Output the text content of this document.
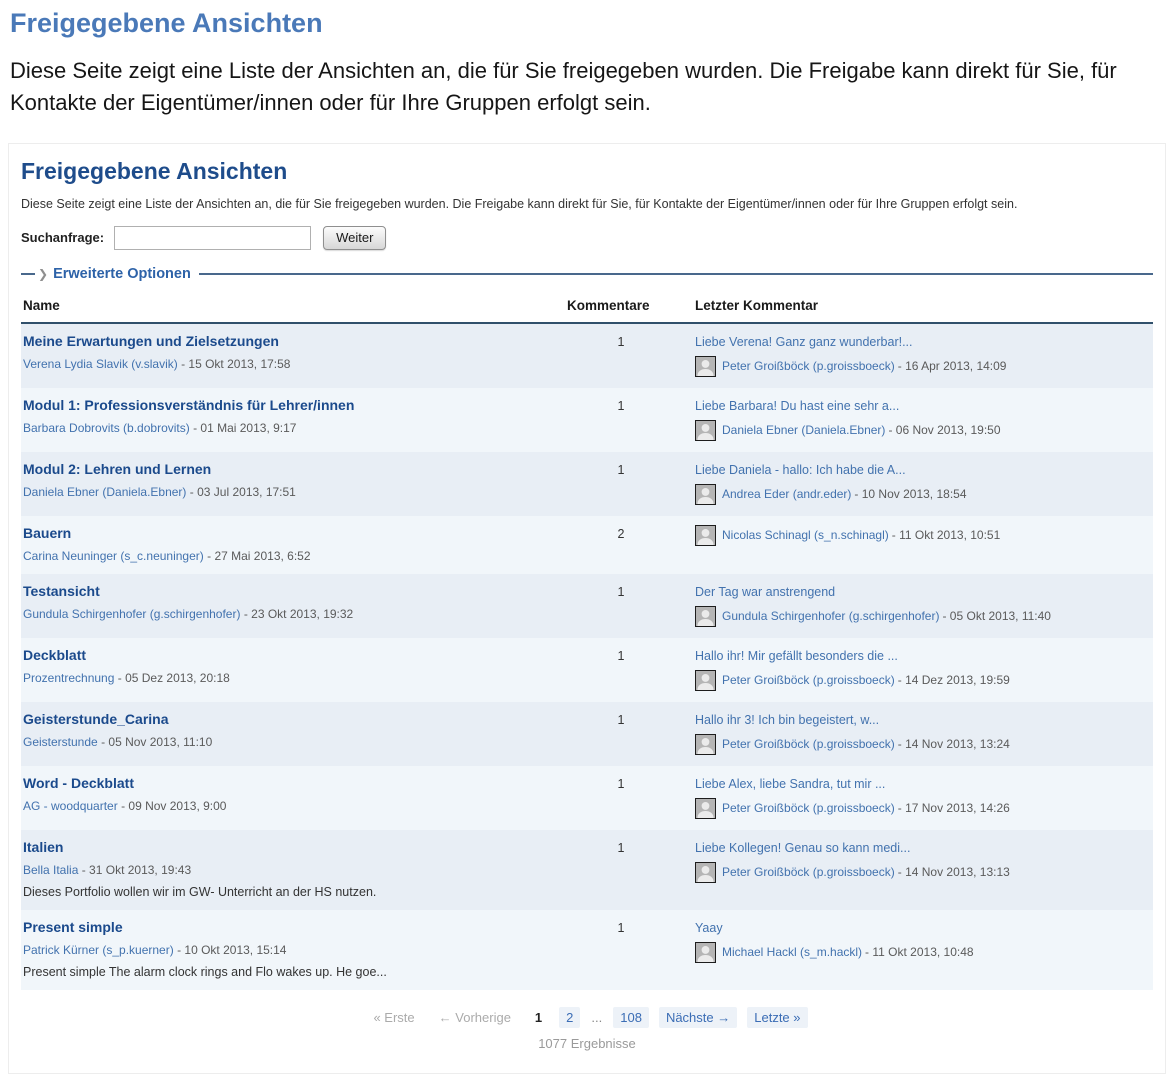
Freigegebene Ansichten

Diese Seite zeigt eine Liste der Ansichten an, die für Sie freigegeben wurden. Die Freigabe kann direkt für Sie, für Kontakte der Eigentümer/innen oder für Ihre Gruppen erfolgt sein.

Freigegebene Ansichten

Diese Seite zeigt eine Liste der Ansichten an, die für Sie freigegeben wurden. Die Freigabe kann direkt für Sie, für Kontakte der Eigentümer/innen oder für Ihre Gruppen erfolgt sein.

Suchanfrage:	Weiter
❯ Erweiterte Optionen
Name	Kommentare	Letzter Kommentar
Meine Erwartungen und Zielsetzungen
Verena Lydia Slavik (v.slavik) - 15 Okt 2013, 17:58
1	Liebe Verena! Ganz ganz wunderbar!...
Peter Groißböck (p.groissboeck) - 16 Apr 2013, 14:09
Modul 1: Professionsverständnis für Lehrer/innen
Barbara Dobrovits (b.dobrovits) - 01 Mai 2013, 9:17
1	Liebe Barbara! Du hast eine sehr a...
Daniela Ebner (Daniela.Ebner) - 06 Nov 2013, 19:50
Modul 2: Lehren und Lernen
Daniela Ebner (Daniela.Ebner) - 03 Jul 2013, 17:51
1	Liebe Daniela - hallo: Ich habe die A...
Andrea Eder (andr.eder) - 10 Nov 2013, 18:54
Bauern
Carina Neuninger (s_c.neuninger) - 27 Mai 2013, 6:52
2	Nicolas Schinagl (s_n.schinagl) - 11 Okt 2013, 10:51
Testansicht
Gundula Schirgenhofer (g.schirgenhofer) - 23 Okt 2013, 19:32
1	Der Tag war anstrengend
Gundula Schirgenhofer (g.schirgenhofer) - 05 Okt 2013, 11:40
Deckblatt
Prozentrechnung - 05 Dez 2013, 20:18
1	Hallo ihr! Mir gefällt besonders die ...
Peter Groißböck (p.groissboeck) - 14 Dez 2013, 19:59
Geisterstunde_Carina
Geisterstunde - 05 Nov 2013, 11:10
1	Hallo ihr 3! Ich bin begeistert, w...
Peter Groißböck (p.groissboeck) - 14 Nov 2013, 13:24
Word - Deckblatt
AG - woodquarter - 09 Nov 2013, 9:00
1	Liebe Alex, liebe Sandra, tut mir ...
Peter Groißböck (p.groissboeck) - 17 Nov 2013, 14:26
Italien
Bella Italia - 31 Okt 2013, 19:43
Dieses Portfolio wollen wir im GW- Unterricht an der HS nutzen.
1	Liebe Kollegen! Genau so kann medi...
Peter Groißböck (p.groissboeck) - 14 Nov 2013, 13:13
Present simple
Patrick Kürner (s_p.kuerner) - 10 Okt 2013, 15:14
Present simple The alarm clock rings and Flo wakes up. He goe...
1	Yaay
Michael Hackl (s_m.hackl) - 11 Okt 2013, 10:48
« Erste	← Vorherige	1	2	...	108	Nächste →	Letzte »
1077 Ergebnisse
